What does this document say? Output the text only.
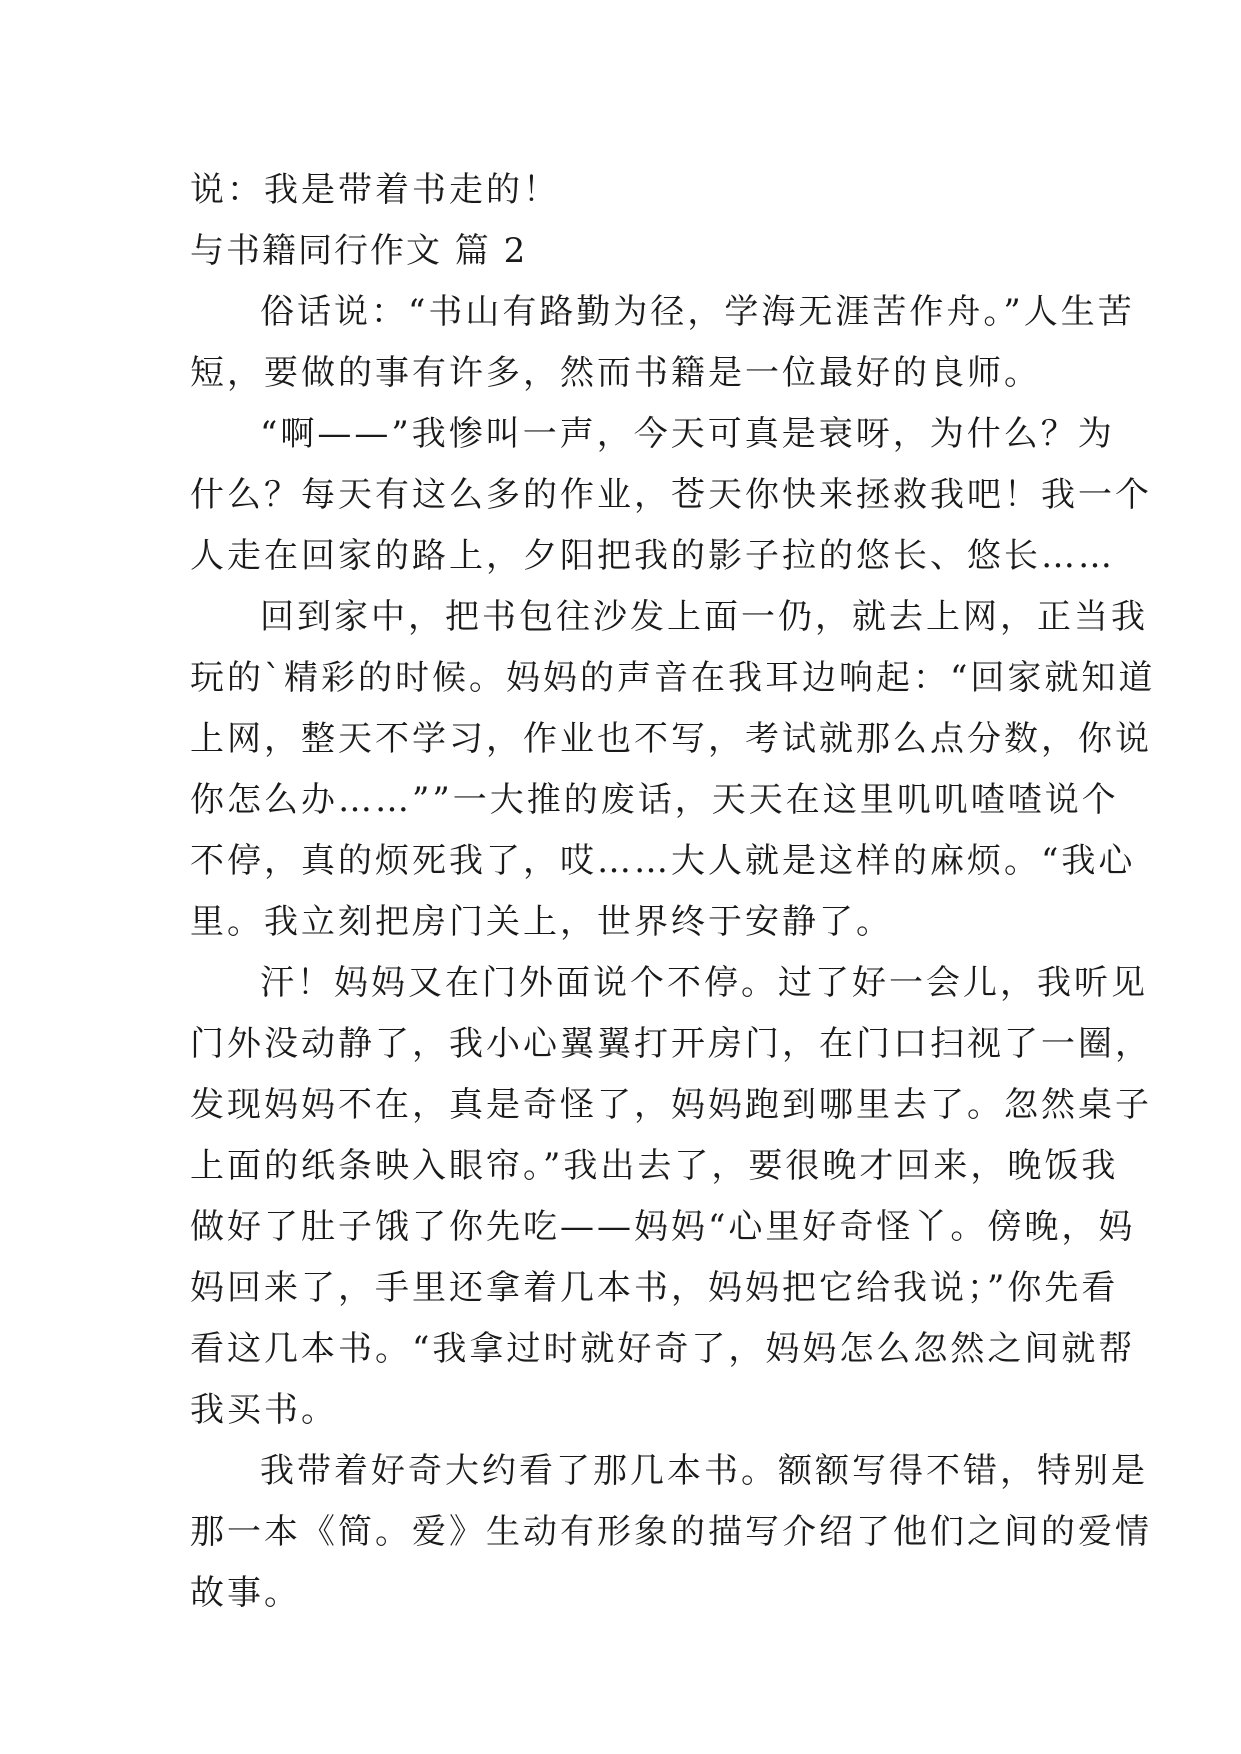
说：我是带着书走的！
与书籍同行作文 篇 2
俗话说：“书山有路勤为径，学海无涯苦作舟。”人生苦
短，要做的事有许多，然而书籍是一位最好的良师。
“啊——”我惨叫一声，今天可真是衰呀，为什么？为
什么？每天有这么多的作业，苍天你快来拯救我吧！我一个
人走在回家的路上，夕阳把我的影子拉的悠长、悠长……
回到家中，把书包往沙发上面一仍，就去上网，正当我
玩的`精彩的时候。妈妈的声音在我耳边响起：“回家就知道
上网，整天不学习，作业也不写，考试就那么点分数，你说
你怎么办……””一大推的废话，天天在这里叽叽喳喳说个
不停，真的烦死我了，哎……大人就是这样的麻烦。“我心
里。我立刻把房门关上，世界终于安静了。
汗！妈妈又在门外面说个不停。过了好一会儿，我听见
门外没动静了，我小心翼翼打开房门，在门口扫视了一圈，
发现妈妈不在，真是奇怪了，妈妈跑到哪里去了。忽然桌子
上面的纸条映入眼帘。”我出去了，要很晚才回来，晚饭我
做好了肚子饿了你先吃——妈妈“心里好奇怪丫。傍晚，妈
妈回来了，手里还拿着几本书，妈妈把它给我说；”你先看
看这几本书。“我拿过时就好奇了，妈妈怎么忽然之间就帮
我买书。
我带着好奇大约看了那几本书。额额写得不错，特别是
那一本《简。爱》生动有形象的描写介绍了他们之间的爱情
故事。
